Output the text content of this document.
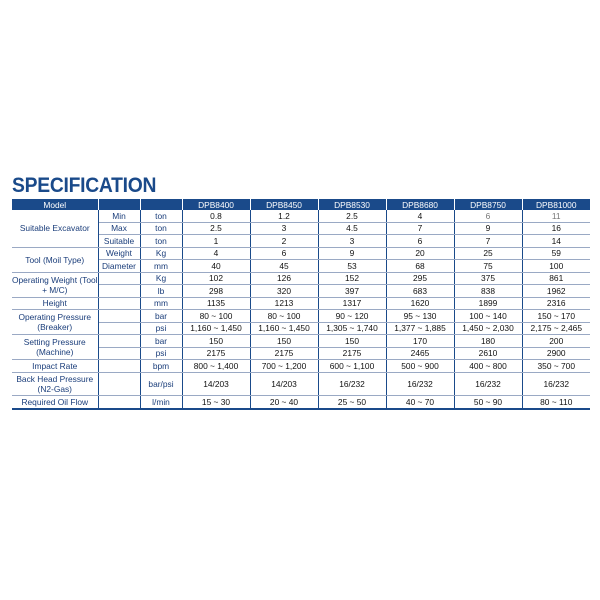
SPECIFICATION
Model			DPB8400	DPB8450	DPB8530	DPB8680	DPB8750	DPB81000

Suitable Excavator	Min	ton	0.8	1.2	2.5	4	6	11
	Max	ton	2.5	3	4.5	7	9	16
	Suitable	ton	1	2	3	6	7	14

Tool (Moil Type)	Weight	Kg	4	6	9	20	25	59
	Diameter	mm	40	45	53	68	75	100

Operating Weight (Tool + M/C)		Kg	102	126	152	295	375	861
		lb	298	320	397	683	838	1962

Height		mm	1135	1213	1317	1620	1899	2316

Operating Pressure (Breaker)		bar	80 ~ 100	80 ~ 100	90 ~ 120	95 ~ 130	100 ~ 140	150 ~ 170
		psi	1,160 ~ 1,450	1,160 ~ 1,450	1,305 ~ 1,740	1,377 ~ 1,885	1,450 ~ 2,030	2,175 ~ 2,465

Setting Pressure (Machine)		bar	150	150	150	170	180	200
		psi	2175	2175	2175	2465	2610	2900

Impact Rate		bpm	800 ~ 1,400	700 ~ 1,200	600 ~ 1,100	500 ~ 900	400 ~ 800	350 ~ 700

Back Head Pressure (N2-Gas)		bar/psi	14/203	14/203	16/232	16/232	16/232	16/232

Required Oil Flow		l/min	15 ~ 30	20 ~ 40	25 ~ 50	40 ~ 70	50 ~ 90	80 ~ 110
